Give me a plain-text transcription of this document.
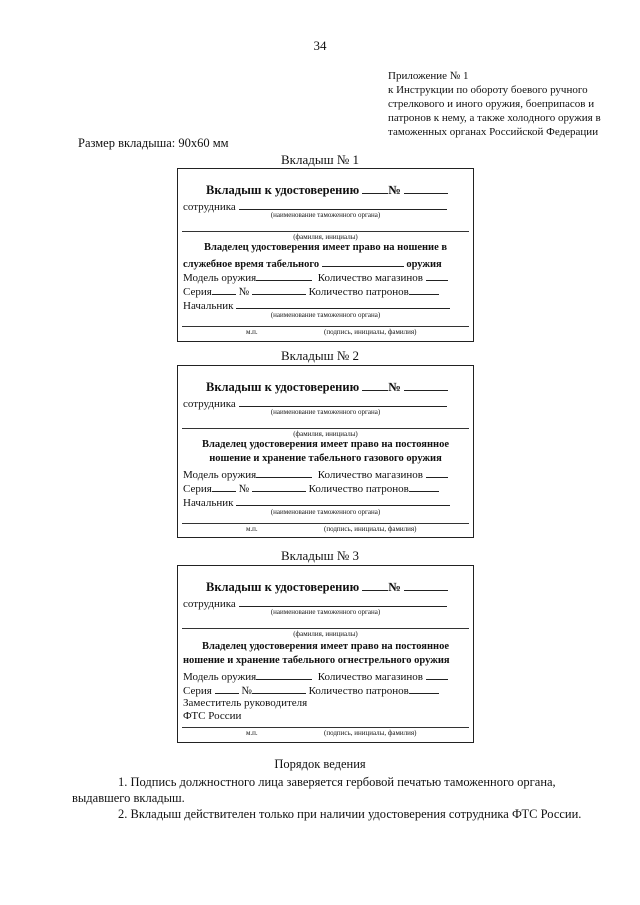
34
Приложение № 1
к Инструкции по обороту боевого ручного
стрелкового и иного оружия, боеприпасов и
патронов к нему, а также холодного оружия в
таможенных органах Российской Федерации
Размер вкладыша: 90х60 мм
Вкладыш № 1
Вкладыш к удостоверению №
сотрудника
(наименование таможенного органа)
(фамилия, инициалы)
Владелец удостоверения имеет право на ношение в
служебное время табельного	оружия
Модель оружия	Количество магазинов
Серия №	Количество патронов
Начальник
(наименование таможенного органа)
м.п.	(подпись, инициалы, фамилия)
Вкладыш № 2
Вкладыш к удостоверению №
сотрудника
(наименование таможенного органа)
(фамилия, инициалы)
Владелец удостоверения имеет право на постоянное
ношение и хранение табельного газового оружия
Модель оружия	Количество магазинов
Серия №	Количество патронов
Начальник
(наименование таможенного органа)
м.п.	(подпись, инициалы, фамилия)
Вкладыш № 3
Вкладыш к удостоверению №
сотрудника
(наименование таможенного органа)
(фамилия, инициалы)
Владелец удостоверения имеет право на постоянное
ношение и хранение табельного огнестрельного оружия
Модель оружия	Количество магазинов
Серия	№	Количество патронов
Заместитель руководителя
ФТС России
м.п.	(подпись, инициалы, фамилия)
Порядок ведения
1. Подпись должностного лица заверяется гербовой печатью таможенного органа,
выдавшего вкладыш.
2. Вкладыш действителен только при наличии удостоверения сотрудника ФТС России.
